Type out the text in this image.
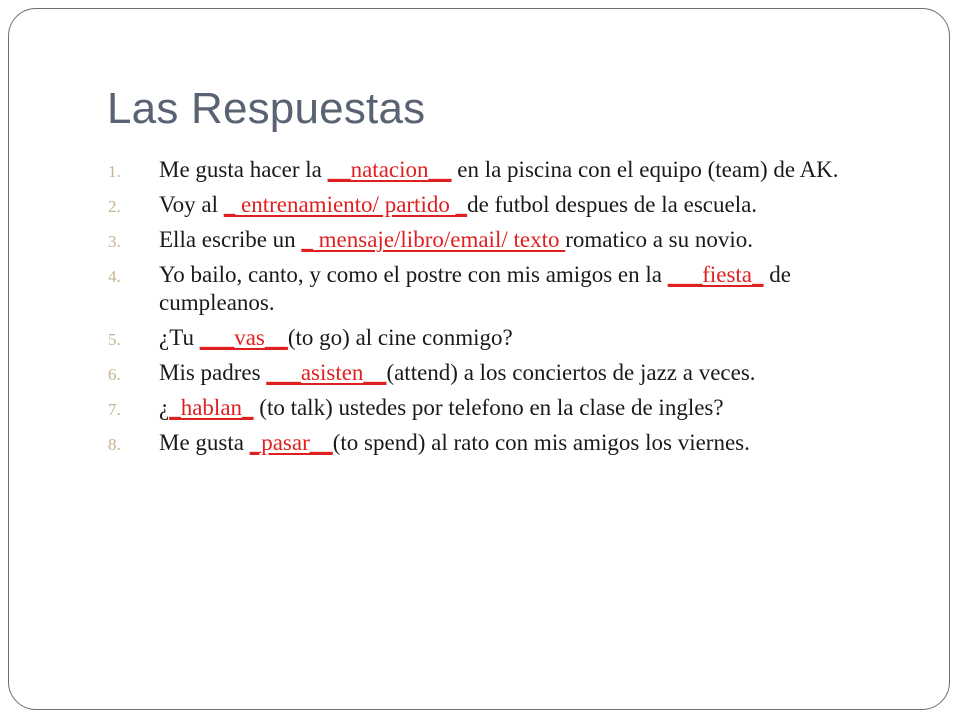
Las Respuestas
1. Me gusta hacer la __natacion__ en la piscina con el equipo (team) de AK.
2. Voy al _ entrenamiento/ partido _de futbol despues de la escuela.
3. Ella escribe un _ mensaje/libro/email/ texto romatico a su novio.
4. Yo bailo, canto, y como el postre con mis amigos en la ___fiesta_ de cumpleanos.
5. ¿Tu ___vas__(to go) al cine conmigo?
6. Mis padres ___asisten__(attend) a los conciertos de jazz a veces.
7. ¿_hablan_ (to talk) ustedes por telefono en la clase de ingles?
8. Me gusta _pasar__(to spend) al rato con mis amigos los viernes.
